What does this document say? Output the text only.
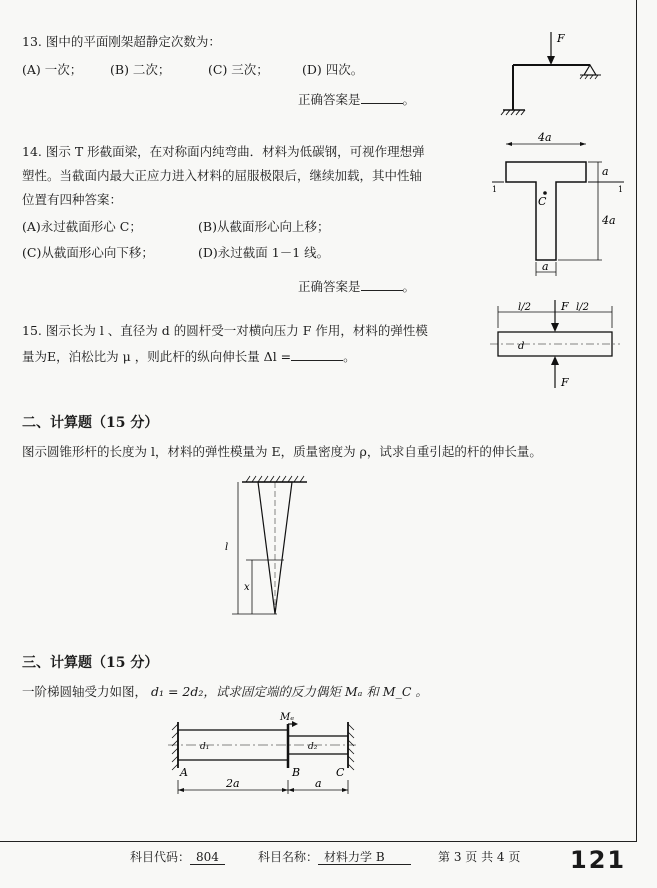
13. 图中的平面刚架超静定次数为：
(A) 一次； (B) 二次；	(C) 三次；	(D) 四次。
正确答案是	。
F
14. 图示 T 形截面梁，在对称面内纯弯曲．材料为低碳钢，可视作理想弹
塑性。当截面内最大正应力进入材料的屈服极限后，继续加载，其中性轴
位置有四种答案：
(A)永过截面形心 C；	(B)从截面形心向上移；
(C)从截面形心向下移；	(D)永过截面 1－1 线。
正确答案是	。
4a
1	1
a
4a
C
a
15. 图示长为 l 、直径为 d 的圆杆受一对横向压力 F 作用，材料的弹性模
量为E，泊松比为 μ ，则此杆的纵向伸长量 Δl =	。
l/2	l/2
d
F
F
二、计算题（15 分）
图示圆锥形杆的长度为 l，材料的弹性模量为 E，质量密度为 ρ，试求自重引起的杆的伸长量。
l
x
三、计算题（15 分）
一阶梯圆轴受力如图， d₁ = 2d₂，试求固定端的反力偶矩 Mₐ 和 M_C 。
Mₑ
d₁	d₂
A	B	C
2a	a
科目代码： 804	科目名称： 材料力学 B	第 3 页 共 4 页 121
